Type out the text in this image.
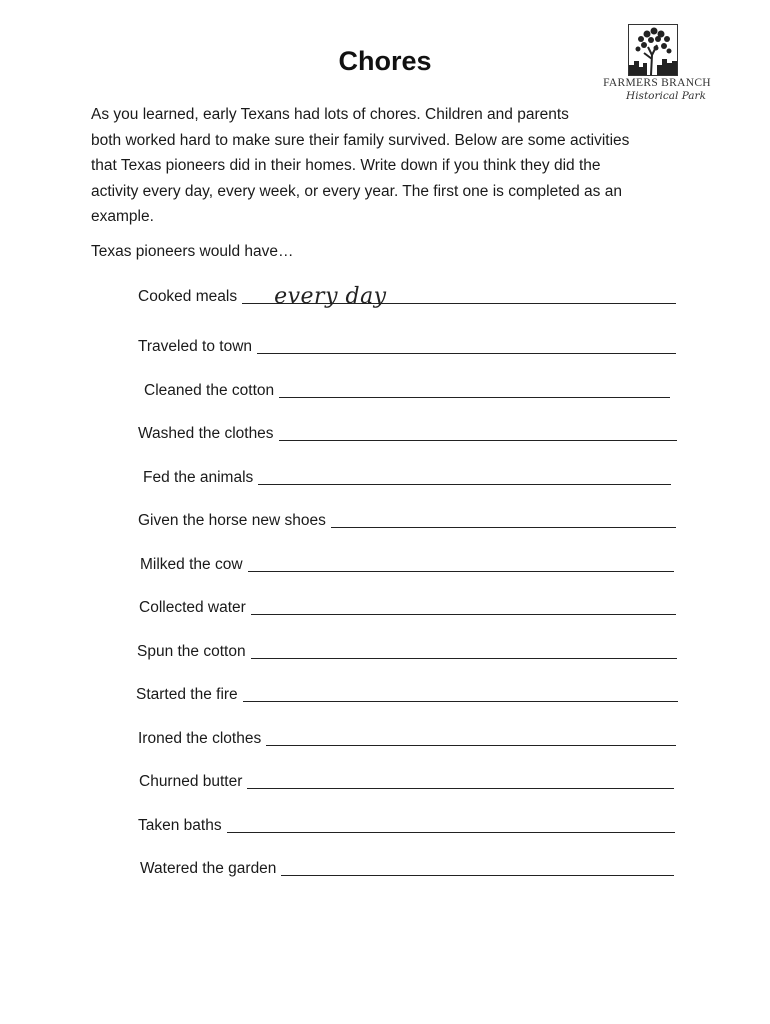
Chores
FARMERS BRANCH
Historical Park
As you learned, early Texans had lots of chores. Children and parents
both worked hard to make sure their family survived. Below are some activities
that Texas pioneers did in their homes. Write down if you think they did the
activity every day, every week, or every year. The first one is completed as an
example.
Texas pioneers would have…
Cooked meals every day
Traveled to town
Cleaned the cotton
Washed the clothes
Fed the animals
Given the horse new shoes
Milked the cow
Collected water
Spun the cotton
Started the fire
Ironed the clothes
Churned butter
Taken baths
Watered the garden
